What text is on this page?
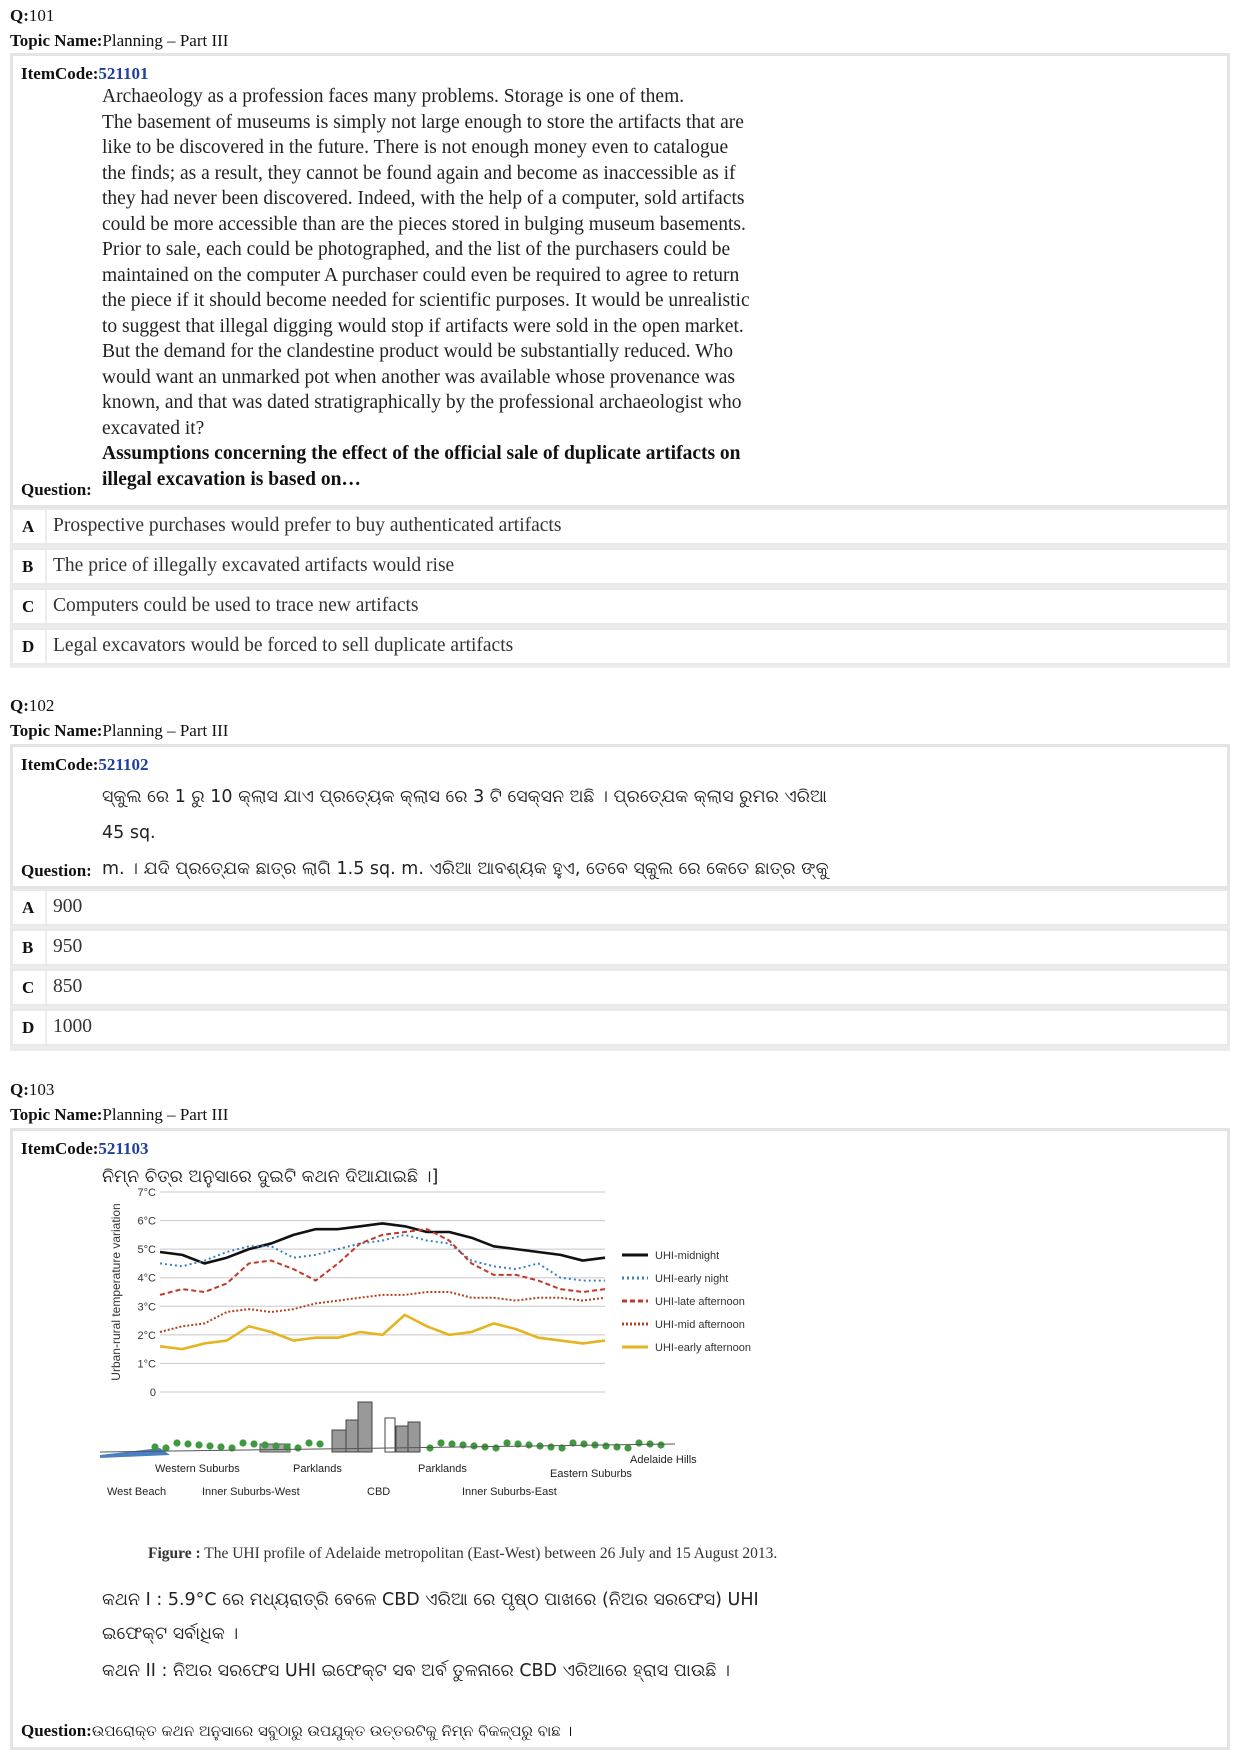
Q:101
Topic Name:Planning – Part III
ItemCode:521101
Archaeology as a profession faces many problems. Storage is one of them.
The basement of museums is simply not large enough to store the artifacts that are
like to be discovered in the future. There is not enough money even to catalogue
the finds; as a result, they cannot be found again and become as inaccessible as if
they had never been discovered. Indeed, with the help of a computer, sold artifacts
could be more accessible than are the pieces stored in bulging museum basements.
Prior to sale, each could be photographed, and the list of the purchasers could be
maintained on the computer A purchaser could even be required to agree to return
the piece if it should become needed for scientific purposes. It would be unrealistic
to suggest that illegal digging would stop if artifacts were sold in the open market.
But the demand for the clandestine product would be substantially reduced. Who
would want an unmarked pot when another was available whose provenance was
known, and that was dated stratigraphically by the professional archaeologist who
excavated it?
Assumptions concerning the effect of the official sale of duplicate artifacts on
illegal excavation is based on…
Question:
A Prospective purchases would prefer to buy authenticated artifacts
B The price of illegally excavated artifacts would rise
C Computers could be used to trace new artifacts
D Legal excavators would be forced to sell duplicate artifacts
Q:102
Topic Name:Planning – Part III
ItemCode:521102
ସ୍କୁଲ ରେ 1 ରୁ 10 କ୍ଲାସ ଯାଏ ପ୍ରତ୍ୟେକ କ୍ଲାସ ରେ 3 ଟି ସେକ୍ସନ ଅଛି । ପ୍ରତ୍ଯେକ କ୍ଲାସ ରୁମର ଏରିଆ 45 sq.
m. । ଯଦି ପ୍ରତ୍ଯେକ ଛାତ୍ର ଲାଗି 1.5 sq. m. ଏରିଆ ଆବଶ୍ୟକ ହୁଏ, ତେବେ ସ୍କୁଲ ରେ କେତେ ଛାତ୍ର ଙ୍କୁ
Question:
A 900
B 950
C 850
D 1000
Q:103
Topic Name:Planning – Part III
ItemCode:521103
ନିମ୍ନ ଚିତ୍ର ଅନୁସାରେ ଦୁଇଟି କଥନ ଦିଆଯାଇଛି ।]
କଥନ I : 5.9°C ରେ ମଧ୍ୟରାତ୍ରି ବେଳେ CBD ଏରିଆ ରେ ପୃଷ୍ଠ ପାଖରେ (ନିଅର ସରଫେସ) UHI
ଇଫେକ୍ଟ ସର୍ବାଧିକ ।
କଥନ II : ନିଅର ସରଫେସ UHI ଇଫେକ୍ଟ ସବ ଅର୍ବ ତୁଳନାରେ CBD ଏରିଆରେ ହ୍ରାସ ପାଉଛି ।
Question:ଉପରୋକ୍ତ କଥନ ଅନୁସାରେ ସବୁଠାରୁ ଉପଯୁକ୍ତ ଉତ୍ତରଟିକୁ ନିମ୍ନ ବିକଳ୍ପରୁ ବାଛ ।
0
1°C
2°C
3°C
4°C
5°C
6°C
7°C
Urban-rural temperature variation	UHI-midnight
UHI-early night
UHI-late afternoon
UHI-mid afternoon
UHI-early afternoon
Western Suburbs	Parklands	Parklands	Eastern Suburbs
Adelaide Hills
West Beach	Inner Suburbs-West	CBD	Inner Suburbs-East
Figure : The UHI profile of Adelaide metropolitan (East-West) between 26 July and 15 August 2013.
